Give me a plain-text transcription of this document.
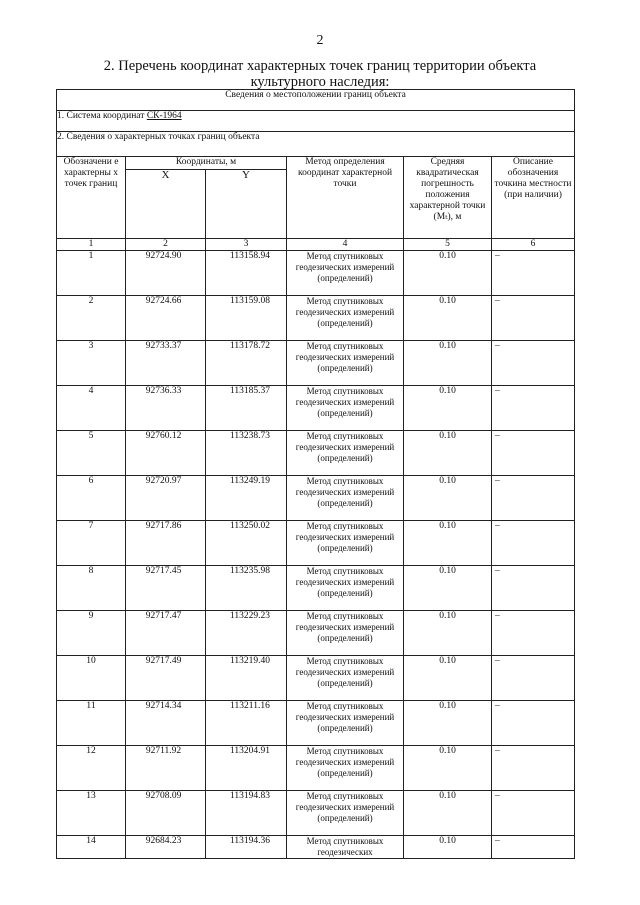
2
2. Перечень координат характерных точек границ территории объекта культурного наследия:
Сведения о местоположении границ объекта					
1. Система координат СК-1964					
2. Сведения о характерных точках границ объекта					
Обозначени е характерны х точек границ	Координаты, м		Метод определения координат характерной точки	Средняя квадратическая погрешность положения характерной точки (Mₜ), м	Описание обозначения точкина местности (при наличии)
	X	Y			
1	2	3	4	5	6
1	92724.90	113158.94	Метод спутниковых геодезических измерений (определений)	0.10	–
2	92724.66	113159.08	Метод спутниковых геодезических измерений (определений)	0.10	–
3	92733.37	113178.72	Метод спутниковых геодезических измерений (определений)	0.10	–
4	92736.33	113185.37	Метод спутниковых геодезических измерений (определений)	0.10	–
5	92760.12	113238.73	Метод спутниковых геодезических измерений (определений)	0.10	–
6	92720.97	113249.19	Метод спутниковых геодезических измерений (определений)	0.10	–
7	92717.86	113250.02	Метод спутниковых геодезических измерений (определений)	0.10	–
8	92717.45	113235.98	Метод спутниковых геодезических измерений (определений)	0.10	–
9	92717.47	113229.23	Метод спутниковых геодезических измерений (определений)	0.10	–
10	92717.49	113219.40	Метод спутниковых геодезических измерений (определений)	0.10	–
11	92714.34	113211.16	Метод спутниковых геодезических измерений (определений)	0.10	–
12	92711.92	113204.91	Метод спутниковых геодезических измерений (определений)	0.10	–
13	92708.09	113194.83	Метод спутниковых геодезических измерений (определений)	0.10	–
14	92684.23	113194.36	Метод спутниковых геодезических	0.10	–
